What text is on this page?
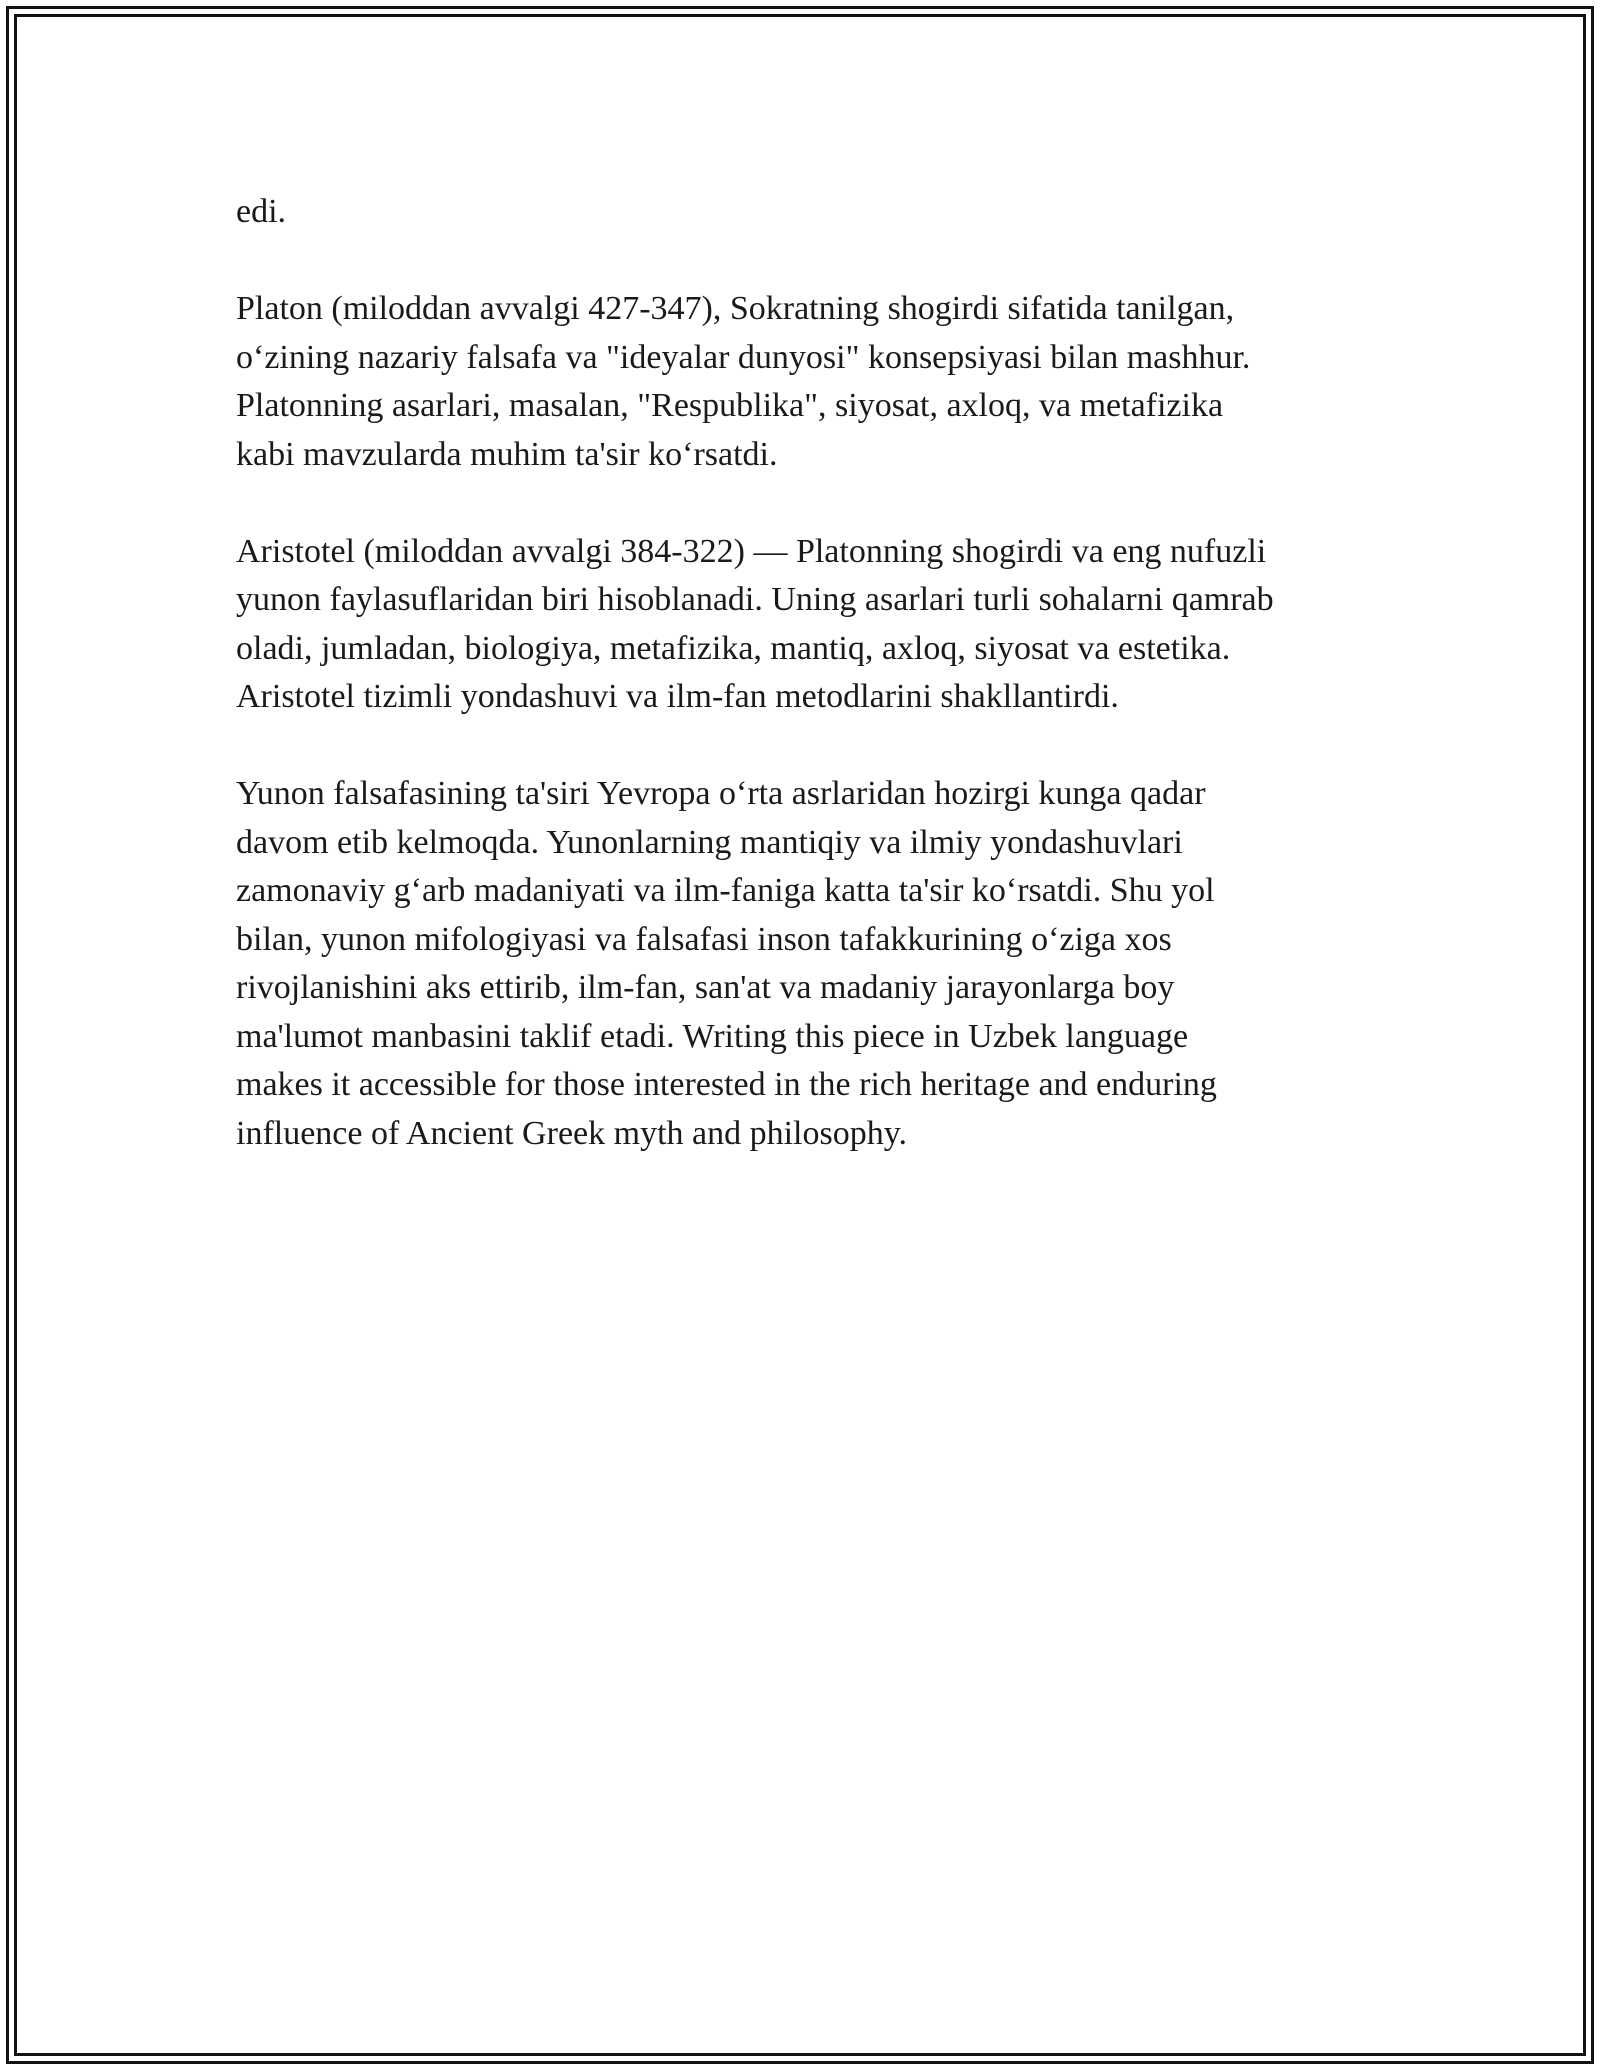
edi.

Platon (miloddan avvalgi 427-347), Sokratning shogirdi sifatida tanilgan,
o‘zining nazariy falsafa va "ideyalar dunyosi" konsepsiyasi bilan mashhur.
Platonning asarlari, masalan, "Respublika", siyosat, axloq, va metafizika
kabi mavzularda muhim ta'sir ko‘rsatdi.

Aristotel (miloddan avvalgi 384-322) — Platonning shogirdi va eng nufuzli
yunon faylasuflaridan biri hisoblanadi. Uning asarlari turli sohalarni qamrab
oladi, jumladan, biologiya, metafizika, mantiq, axloq, siyosat va estetika.
Aristotel tizimli yondashuvi va ilm-fan metodlarini shakllantirdi.

Yunon falsafasining ta'siri Yevropa o‘rta asrlaridan hozirgi kunga qadar
davom etib kelmoqda. Yunonlarning mantiqiy va ilmiy yondashuvlari
zamonaviy g‘arb madaniyati va ilm-faniga katta ta'sir ko‘rsatdi. Shu yol
bilan, yunon mifologiyasi va falsafasi inson tafakkurining o‘ziga xos
rivojlanishini aks ettirib, ilm-fan, san'at va madaniy jarayonlarga boy
ma'lumot manbasini taklif etadi. Writing this piece in Uzbek language
makes it accessible for those interested in the rich heritage and enduring
influence of Ancient Greek myth and philosophy.
